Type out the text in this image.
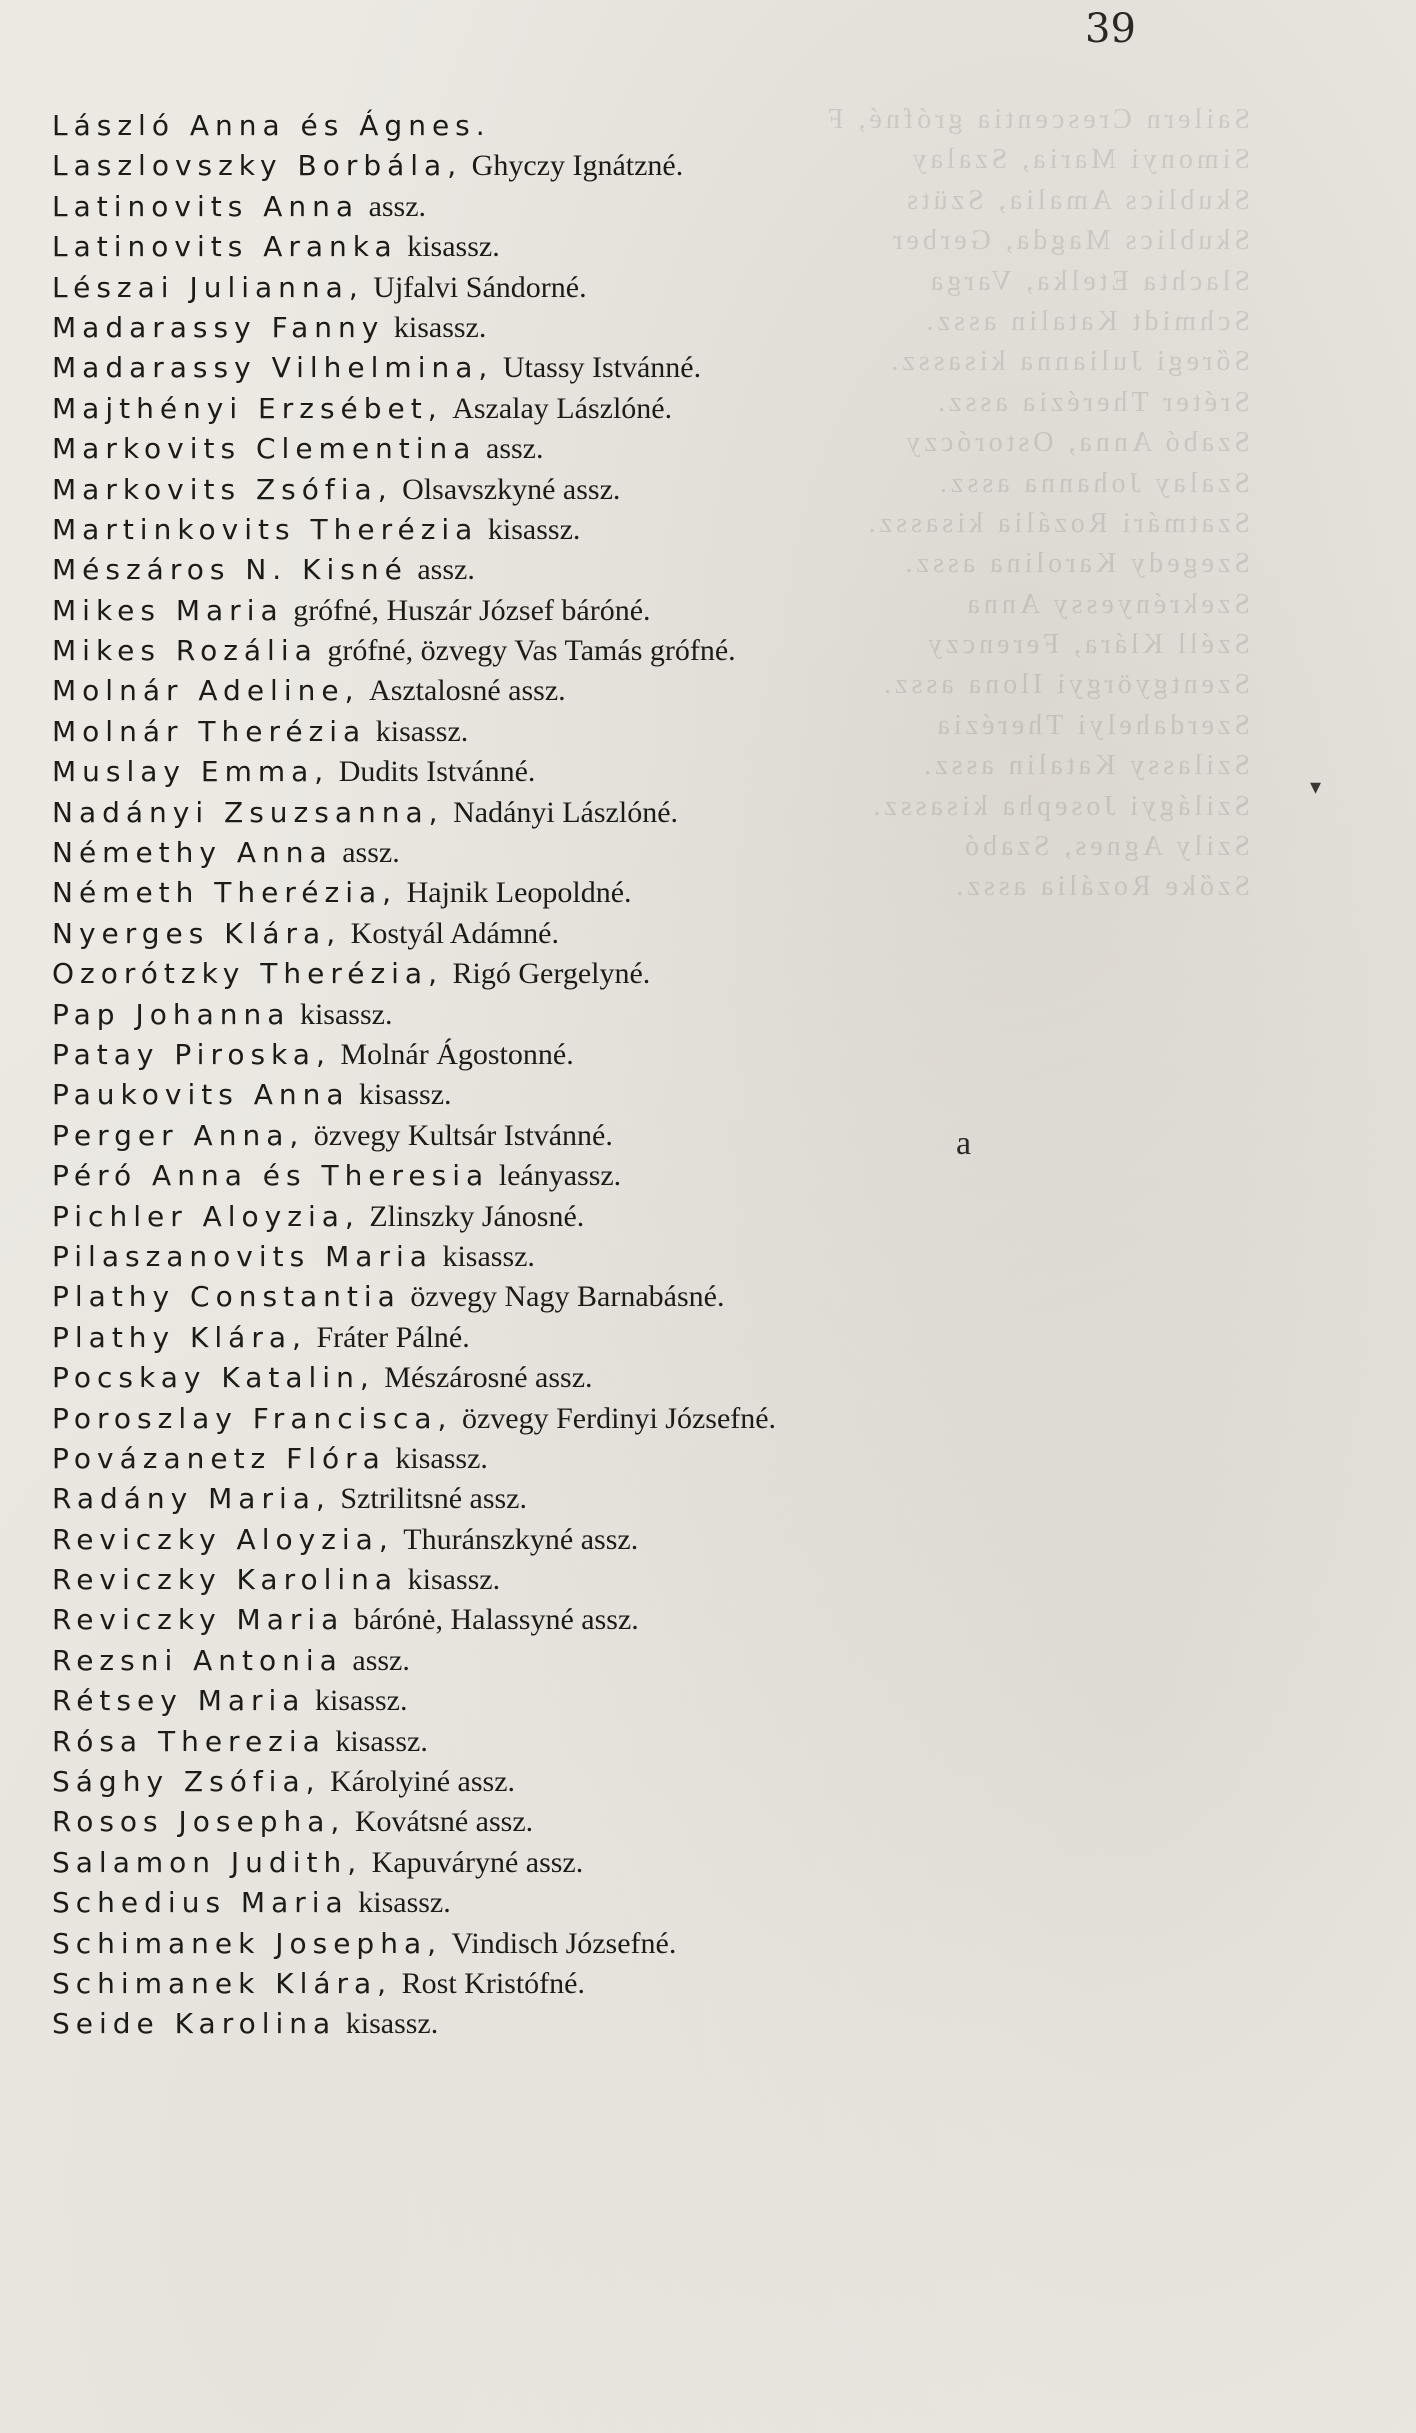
Sailern Crescentia grófné, F
Simonyi Maria, Szalay
Skublics Amalia, Szüts
Skublics Magda, Gerber
Slachta Etelka, Varga
Schmidt Katalin assz.
Sőregi Julianna kisassz.
Sréter Therézia assz.
Szabó Anna, Ostoróczy
Szalay Johanna assz.
Szatmári Rozália kisassz.
Szegedy Karolina assz.
Szekrényessy Anna
Széll Klára, Ferenczy
Szentgyörgyi Ilona assz.
Szerdahelyi Therézia
Szilassy Katalin assz.
Szilágyi Josepha kisassz.
Szily Agnes, Szabó
Szőke Rozália assz.
39
László Anna és Ágnes.
Laszlovszky Borbála, Ghyczy Ignátzné.
Latinovits Anna assz.
Latinovits Aranka kisassz.
Lészai Julianna, Ujfalvi Sándorné.
Madarassy Fanny kisassz.
Madarassy Vilhelmina, Utassy Istvánné.
Majthényi Erzsébet, Aszalay Lászlóné.
Markovits Clementina assz.
Markovits Zsófia, Olsavszkyné assz.
Martinkovits Therézia kisassz.
Mészáros N. Kisné assz.
Mikes Maria grófné, Huszár József báróné.
Mikes Rozália grófné, özvegy Vas Tamás grófné.
Molnár Adeline, Asztalosné assz.
Molnár Therézia kisassz.
Muslay Emma, Dudits Istvánné.
Nadányi Zsuzsanna, Nadányi Lászlóné.
Némethy Anna assz.
Németh Therézia, Hajnik Leopoldné.
Nyerges Klára, Kostyál Adámné.
Ozorótzky Therézia, Rigó Gergelyné.
Pap Johanna kisassz.
Patay Piroska, Molnár Ágostonné.
Paukovits Anna kisassz.
Perger Anna, özvegy Kultsár Istvánné.
Péró Anna és Theresia leányassz.
Pichler Aloyzia, Zlinszky Jánosné.
Pilaszanovits Maria kisassz.
Plathy Constantia özvegy Nagy Barnabásné.
Plathy Klára, Fráter Pálné.
Pocskay Katalin, Mészárosné assz.
Poroszlay Francisca, özvegy Ferdinyi Józsefné.
Povázanetz Flóra kisassz.
Radány Maria, Sztrilitsné assz.
Reviczky Aloyzia, Thuránszkyné assz.
Reviczky Karolina kisassz.
Reviczky Maria bárónė, Halassyné assz.
Rezsni Antonia assz.
Rétsey Maria kisassz.
Rósa Therezia kisassz.
Sághy Zsófia, Károlyiné assz.
Rosos Josepha, Kovátsné assz.
Salamon Judith, Kapuváryné assz.
Schedius Maria kisassz.
Schimanek Josepha, Vindisch Józsefné.
Schimanek Klára, Rost Kristófné.
Seide Karolina kisassz.
▾
a
